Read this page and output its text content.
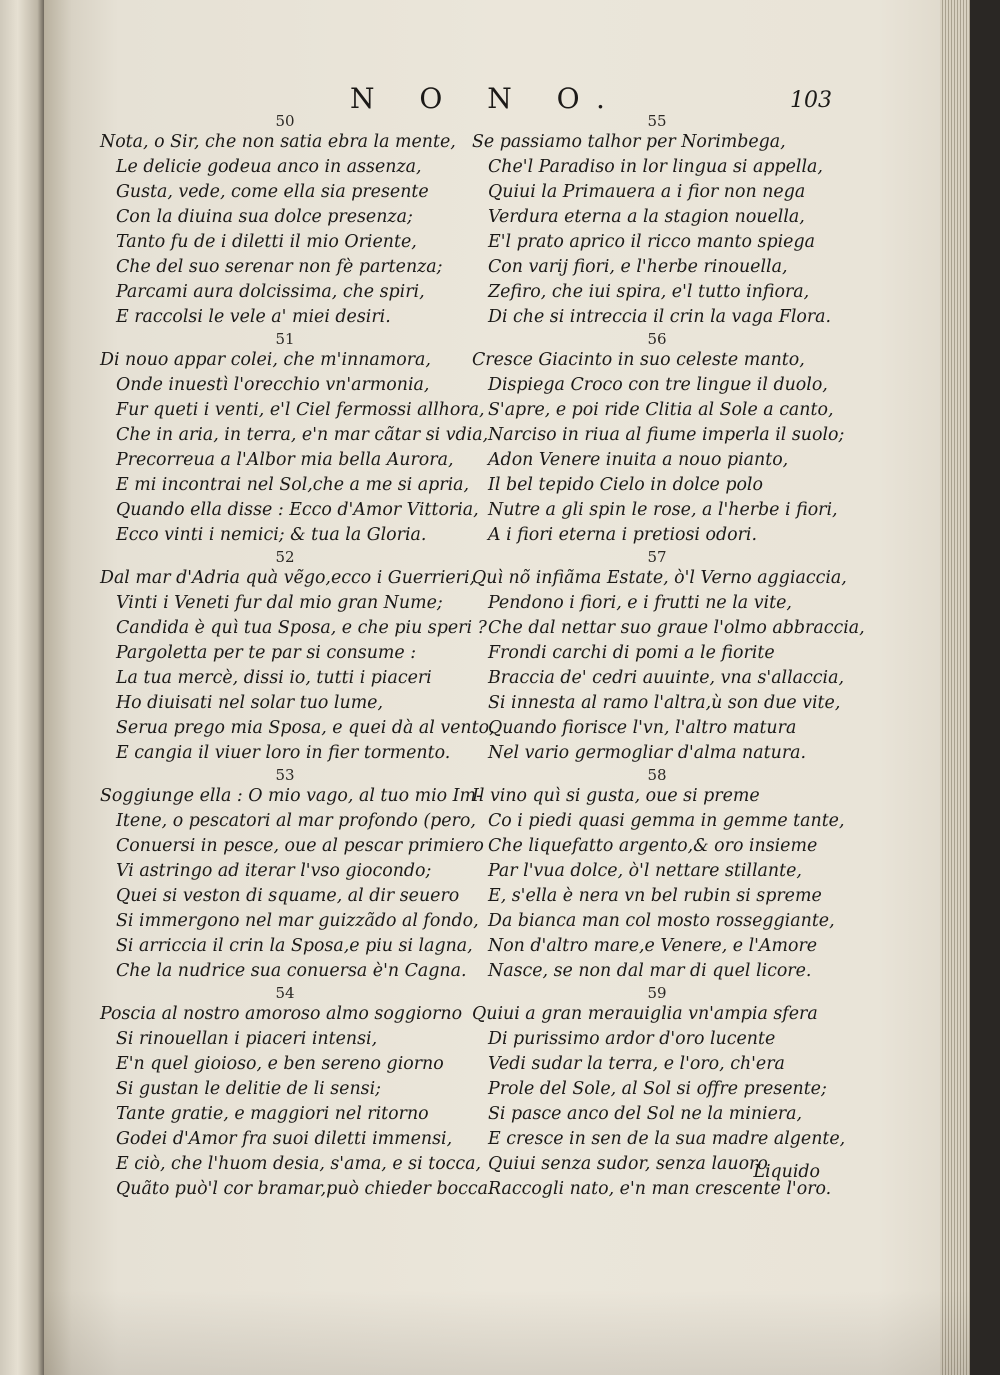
N O N O.	103
50
Nota, o Sir, che non satia ebra la mente,
Le delicie godeua anco in assenza,
Gusta, vede, come ella sia presente
Con la diuina sua dolce presenza;
Tanto fu de i diletti il mio Oriente,
Che del suo serenar non fè partenza;
Parcami aura dolcissima, che spiri,
E raccolsi le vele a' miei desiri.
51
Di nouo appar colei, che m'innamora,
Onde inuestì l'orecchio vn'armonia,
Fur queti i venti, e'l Ciel fermossi allhora,
Che in aria, in terra, e'n mar cãtar si vdia,
Precorreua a l'Albor mia bella Aurora,
E mi incontrai nel Sol,che a me si apria,
Quando ella disse : Ecco d'Amor Vittoria,
Ecco vinti i nemici; & tua la Gloria.
52
Dal mar d'Adria quà vẽgo,ecco i Guerrieri,
Vinti i Veneti fur dal mio gran Nume;
Candida è quì tua Sposa, e che piu speri ?
Pargoletta per te par si consume :
La tua mercè, dissi io, tutti i piaceri
Ho diuisati nel solar tuo lume,
Serua prego mia Sposa, e quei dà al vento,
E cangia il viuer loro in fier tormento.
53
Soggiunge ella : O mio vago, al tuo mio Im-
Itene, o pescatori al mar profondo (pero,
Conuersi in pesce, oue al pescar primiero
Vi astringo ad iterar l'vso giocondo;
Quei si veston di squame, al dir seuero
Si immergono nel mar guizzãdo al fondo,
Si arriccia il crin la Sposa,e piu si lagna,
Che la nudrice sua conuersa è'n Cagna.
54
Poscia al nostro amoroso almo soggiorno
Si rinouellan i piaceri intensi,
E'n quel gioioso, e ben sereno giorno
Si gustan le delitie de li sensi;
Tante gratie, e maggiori nel ritorno
Godei d'Amor fra suoi diletti immensi,
E ciò, che l'huom desia, s'ama, e si tocca,
Quãto può'l cor bramar,può chieder bocca.
55
Se passiamo talhor per Norimbega,
Che'l Paradiso in lor lingua si appella,
Quiui la Primauera a i fior non nega
Verdura eterna a la stagion nouella,
E'l prato aprico il ricco manto spiega
Con varij fiori, e l'herbe rinouella,
Zefiro, che iui spira, e'l tutto infiora,
Di che si intreccia il crin la vaga Flora.
56
Cresce Giacinto in suo celeste manto,
Dispiega Croco con tre lingue il duolo,
S'apre, e poi ride Clitia al Sole a canto,
Narciso in riua al fiume imperla il suolo;
Adon Venere inuita a nouo pianto,
Il bel tepido Cielo in dolce polo
Nutre a gli spin le rose, a l'herbe i fiori,
A i fiori eterna i pretiosi odori.
57
Quì nõ infiãma Estate, ò'l Verno aggiaccia,
Pendono i fiori, e i frutti ne la vite,
Che dal nettar suo graue l'olmo abbraccia,
Frondi carchi di pomi a le fiorite
Braccia de' cedri auuinte, vna s'allaccia,
Si innesta al ramo l'altra,ù son due vite,
Quando fiorisce l'vn, l'altro matura
Nel vario germogliar d'alma natura.
58
Il vino quì si gusta, oue si preme
Co i piedi quasi gemma in gemme tante,
Che liquefatto argento,& oro insieme
Par l'vua dolce, ò'l nettare stillante,
E, s'ella è nera vn bel rubin si spreme
Da bianca man col mosto rosseggiante,
Non d'altro mare,e Venere, e l'Amore
Nasce, se non dal mar di quel licore.
59
Quiui a gran merauiglia vn'ampia sfera
Di purissimo ardor d'oro lucente
Vedi sudar la terra, e l'oro, ch'era
Prole del Sole, al Sol si offre presente;
Si pasce anco del Sol ne la miniera,
E cresce in sen de la sua madre algente,
Quiui senza sudor, senza lauoro
Raccogli nato, e'n man crescente l'oro.
Liquido
